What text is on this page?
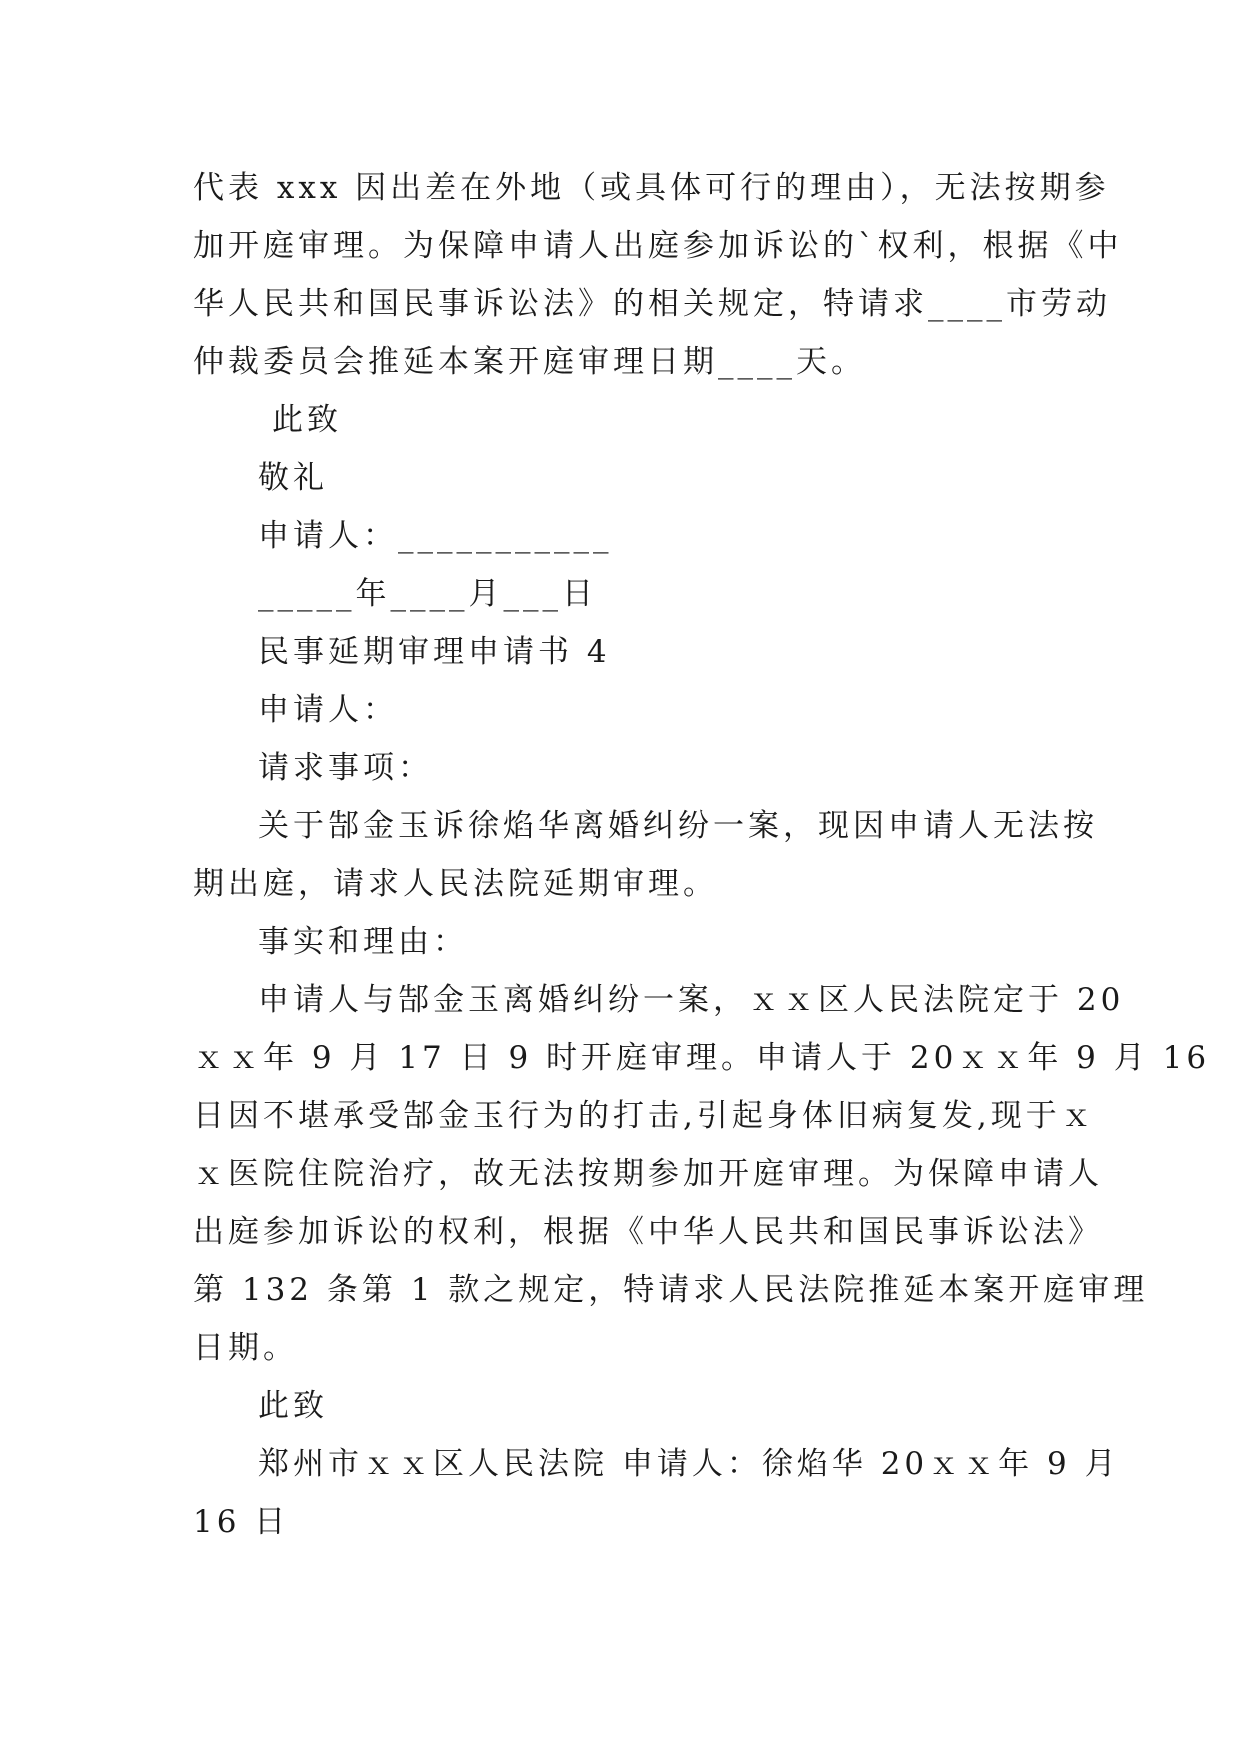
代表 xxx 因出差在外地（或具体可行的理由），无法按期参
加开庭审理。为保障申请人出庭参加诉讼的`权利，根据《中
华人民共和国民事诉讼法》的相关规定，特请求____市劳动
仲裁委员会推延本案开庭审理日期____天。
此致
敬礼
申请人：___________
_____年____月___日
民事延期审理申请书 4
申请人：
请求事项：
关于郜金玉诉徐焰华离婚纠纷一案，现因申请人无法按
期出庭，请求人民法院延期审理。
事实和理由：
申请人与郜金玉离婚纠纷一案，ｘｘ区人民法院定于 20
ｘｘ年 9 月 17 日 9 时开庭审理。申请人于 20ｘｘ年 9 月 16
日因不堪承受郜金玉行为的打击,引起身体旧病复发,现于ｘ
ｘ医院住院治疗，故无法按期参加开庭审理。为保障申请人
出庭参加诉讼的权利，根据《中华人民共和国民事诉讼法》
第 132 条第 1 款之规定，特请求人民法院推延本案开庭审理
日期。
此致
郑州市ｘｘ区人民法院 申请人：徐焰华 20ｘｘ年 9 月
16 日
